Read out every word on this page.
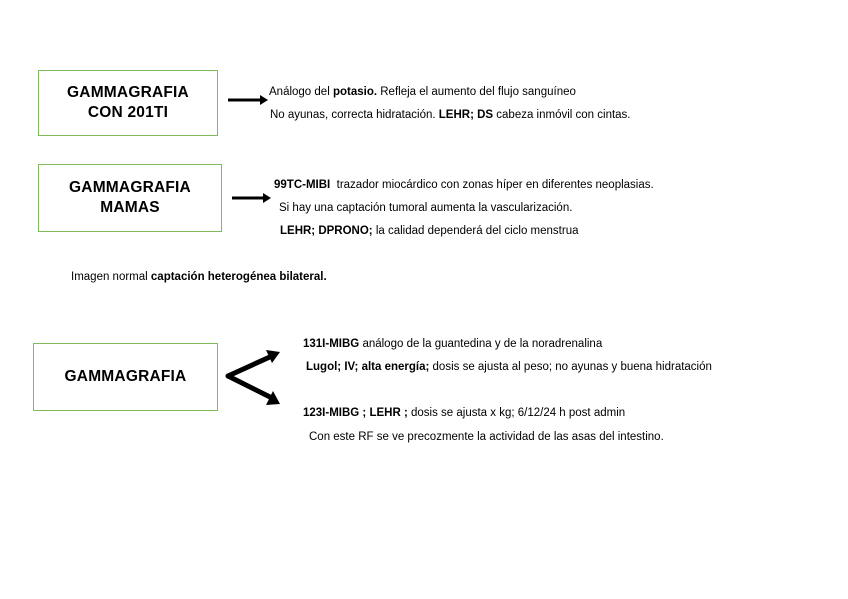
GAMMAGRAFIA
CON 201TI
Análogo del potasio. Refleja el aumento del flujo sanguíneo
No ayunas, correcta hidratación. LEHR; DS cabeza inmóvil con cintas.
GAMMAGRAFIA
MAMAS
99TC-MIBI  trazador miocárdico con zonas híper en diferentes neoplasias.
Si hay una captación tumoral aumenta la vascularización.
LEHR; DPRONO; la calidad dependerá del ciclo menstrua
Imagen normal captación heterogénea bilateral.
GAMMAGRAFIA
131I-MIBG análogo de la guantedina y de la noradrenalina
Lugol; IV; alta energía; dosis se ajusta al peso; no ayunas y buena hidratación
123I-MIBG ; LEHR ; dosis se ajusta x kg; 6/12/24 h post admin
Con este RF se ve precozmente la actividad de las asas del intestino.
